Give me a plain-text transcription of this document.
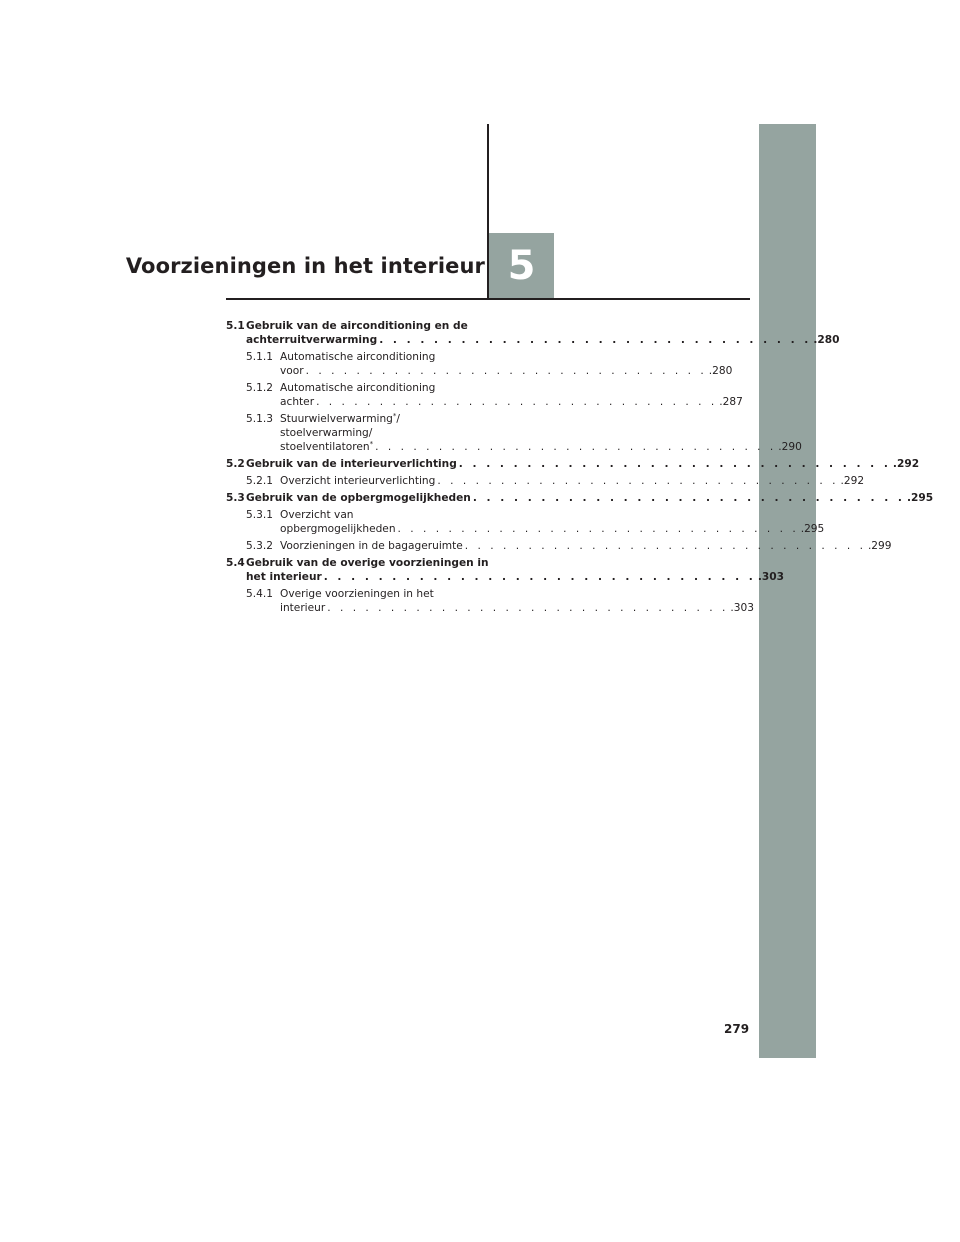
Voorzieningen in het interieur 5
5.1 Gebruik van de airconditioning en de
achterruitverwarming . . . . . . . . . . . . . . . . . . . . . . . . . . . . . . . . .280
5.1.1 Automatische airconditioning
voor . . . . . . . . . . . . . . . . . . . . . . . . . . . . . . . . .280
5.1.2 Automatische airconditioning
achter . . . . . . . . . . . . . . . . . . . . . . . . . . . . . . . . .287
5.1.3 Stuurwielverwarming*/
stoelverwarming/
stoelventilatoren* . . . . . . . . . . . . . . . . . . . . . . . . . . . . . . . . .290
5.2 Gebruik van de interieurverlichting . . . . . . . . . . . . . . . . . . . . . . . . . . . . . . . . .292
5.2.1 Overzicht interieurverlichting . . . . . . . . . . . . . . . . . . . . . . . . . . . . . . . . .292
5.3 Gebruik van de opbergmogelijkheden . . . . . . . . . . . . . . . . . . . . . . . . . . . . . . . . .295
5.3.1 Overzicht van
opbergmogelijkheden . . . . . . . . . . . . . . . . . . . . . . . . . . . . . . . . .295
5.3.2 Voorzieningen in de bagageruimte . . . . . . . . . . . . . . . . . . . . . . . . . . . . . . . . .299
5.4 Gebruik van de overige voorzieningen in
het interieur . . . . . . . . . . . . . . . . . . . . . . . . . . . . . . . . .303
5.4.1 Overige voorzieningen in het
interieur . . . . . . . . . . . . . . . . . . . . . . . . . . . . . . . . .303
279
